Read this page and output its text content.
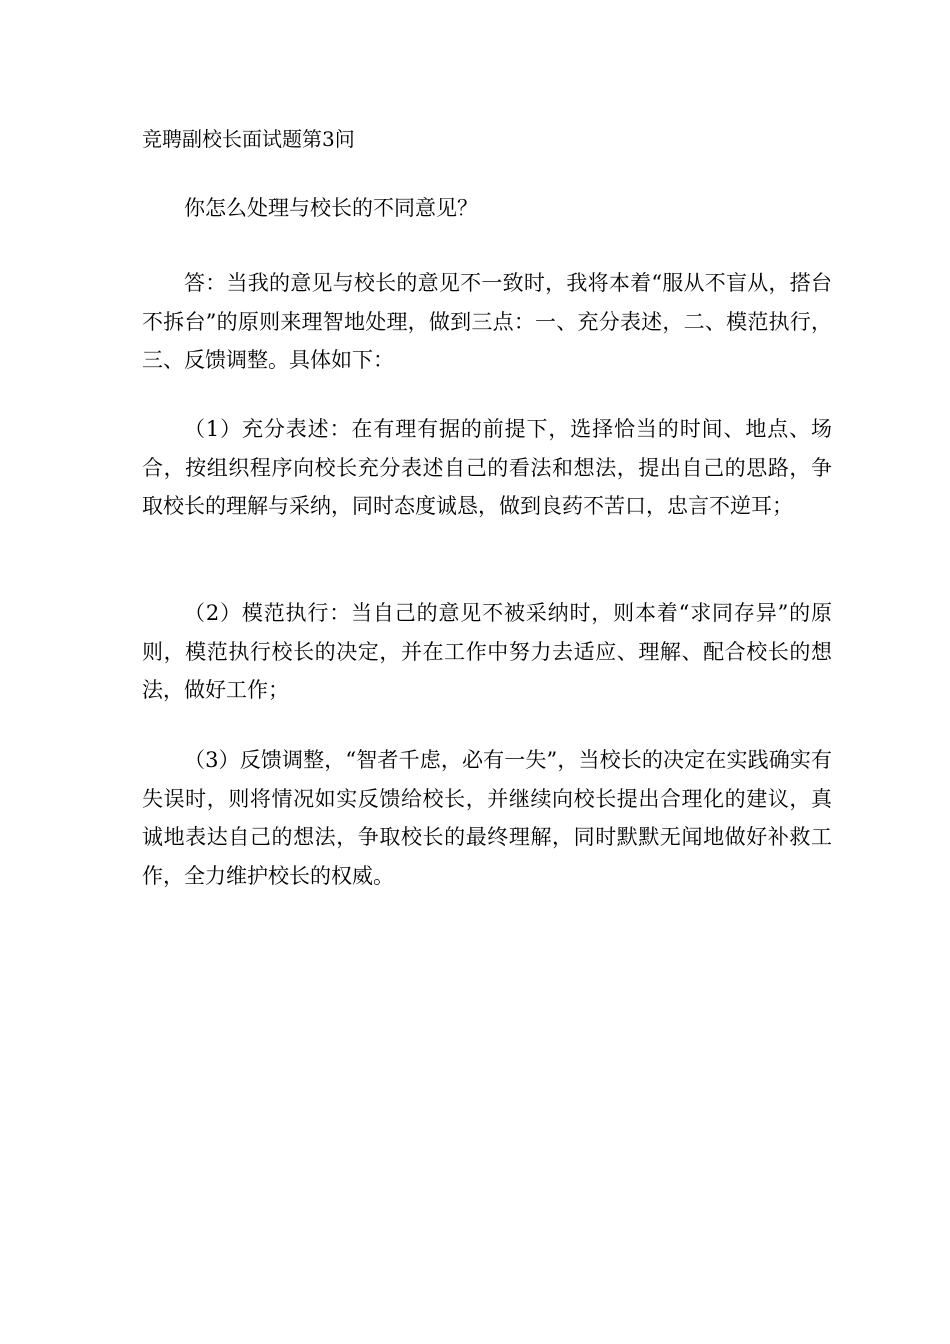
竞聘副校长面试题第3问

你怎么处理与校长的不同意见？

答：当我的意见与校长的意见不一致时，我将本着“服从不盲从，搭台不拆台”的原则来理智地处理，做到三点：一、充分表述，二、模范执行，三、反馈调整。具体如下：

（1）充分表述：在有理有据的前提下，选择恰当的时间、地点、场合，按组织程序向校长充分表述自己的看法和想法，提出自己的思路，争取校长的理解与采纳，同时态度诚恳，做到良药不苦口，忠言不逆耳；

（2）模范执行：当自己的意见不被采纳时，则本着“求同存异”的原则，模范执行校长的决定，并在工作中努力去适应、理解、配合校长的想法，做好工作；

（3）反馈调整，“智者千虑，必有一失”，当校长的决定在实践确实有失误时，则将情况如实反馈给校长，并继续向校长提出合理化的建议，真诚地表达自己的想法，争取校长的最终理解，同时默默无闻地做好补救工作，全力维护校长的权威。
